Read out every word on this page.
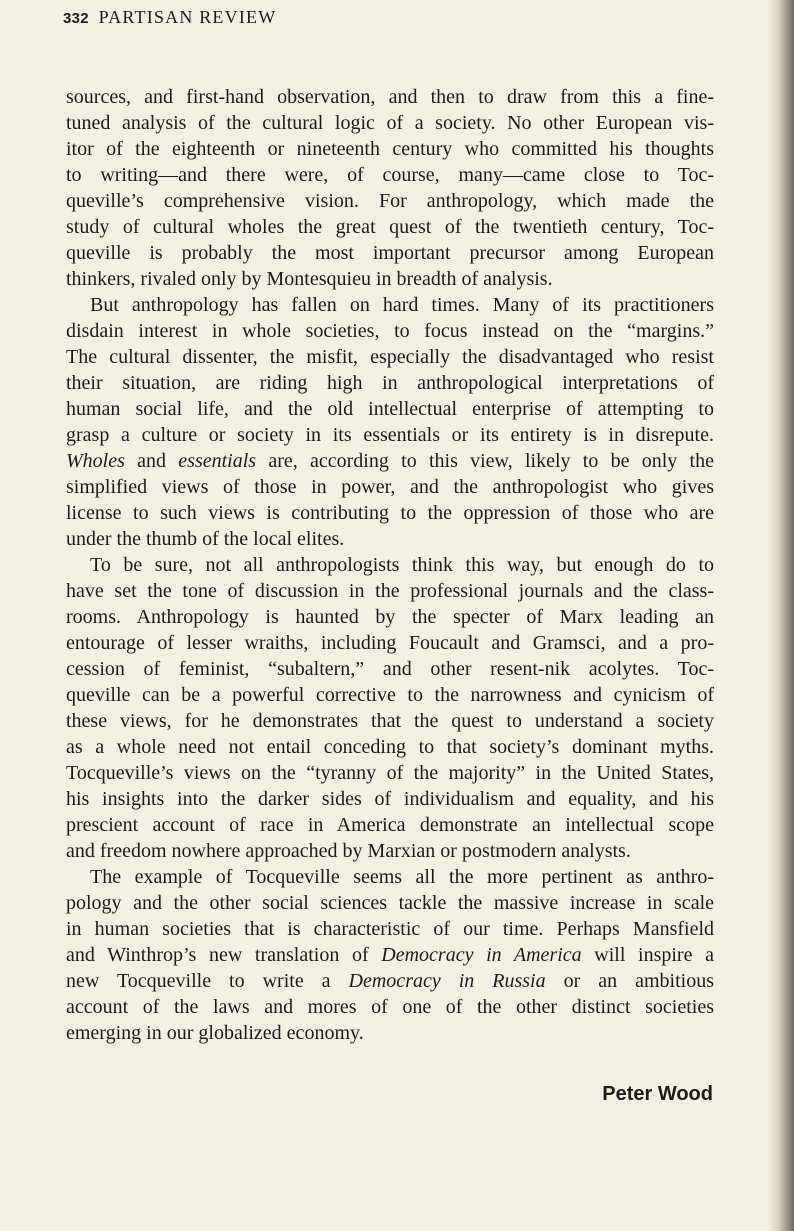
332 PARTISAN REVIEW
sources, and first-hand observation, and then to draw from this a fine-
tuned analysis of the cultural logic of a society. No other European vis-
itor of the eighteenth or nineteenth century who committed his thoughts
to writing—and there were, of course, many—came close to Toc-
queville’s comprehensive vision. For anthropology, which made the
study of cultural wholes the great quest of the twentieth century, Toc-
queville is probably the most important precursor among European
thinkers, rivaled only by Montesquieu in breadth of analysis.
But anthropology has fallen on hard times. Many of its practitioners
disdain interest in whole societies, to focus instead on the “margins.”
The cultural dissenter, the misfit, especially the disadvantaged who resist
their situation, are riding high in anthropological interpretations of
human social life, and the old intellectual enterprise of attempting to
grasp a culture or society in its essentials or its entirety is in disrepute.
Wholes and essentials are, according to this view, likely to be only the
simplified views of those in power, and the anthropologist who gives
license to such views is contributing to the oppression of those who are
under the thumb of the local elites.
To be sure, not all anthropologists think this way, but enough do to
have set the tone of discussion in the professional journals and the class-
rooms. Anthropology is haunted by the specter of Marx leading an
entourage of lesser wraiths, including Foucault and Gramsci, and a pro-
cession of feminist, “subaltern,” and other resent-nik acolytes. Toc-
queville can be a powerful corrective to the narrowness and cynicism of
these views, for he demonstrates that the quest to understand a society
as a whole need not entail conceding to that society’s dominant myths.
Tocqueville’s views on the “tyranny of the majority” in the United States,
his insights into the darker sides of individualism and equality, and his
prescient account of race in America demonstrate an intellectual scope
and freedom nowhere approached by Marxian or postmodern analysts.
The example of Tocqueville seems all the more pertinent as anthro-
pology and the other social sciences tackle the massive increase in scale
in human societies that is characteristic of our time. Perhaps Mansfield
and Winthrop’s new translation of Democracy in America will inspire a
new Tocqueville to write a Democracy in Russia or an ambitious
account of the laws and mores of one of the other distinct societies
emerging in our globalized economy.
Peter Wood
